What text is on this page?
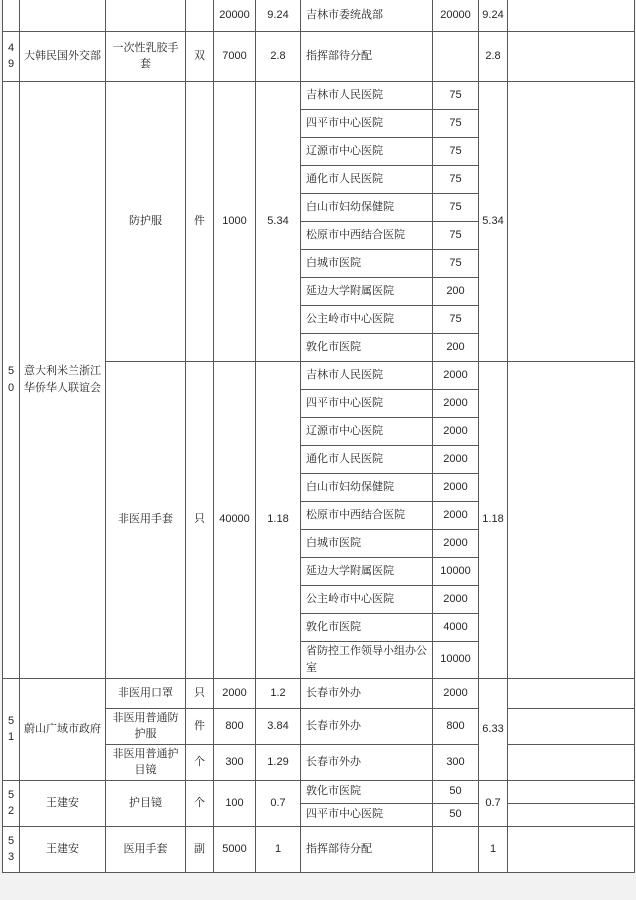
				20000	9.24	吉林市委统战部	20000	9.24	
49	大韩民国外交部	一次性乳胶手套	双	7000	2.8	指挥部待分配		2.8	
50	意大利米兰浙江华侨华人联谊会	防护服	件	1000	5.34	吉林市人民医院	75	5.34	
						四平市中心医院	75		
						辽源市中心医院	75		
						通化市人民医院	75		
						白山市妇幼保健院	75		
						松原市中西结合医院	75		
						白城市医院	75		
						延边大学附属医院	200		
						公主岭市中心医院	75		
						敦化市医院	200		
		非医用手套	只	40000	1.18	吉林市人民医院	2000	1.18	
						四平市中心医院	2000		
						辽源市中心医院	2000		
						通化市人民医院	2000		
						白山市妇幼保健院	2000		
						松原市中西结合医院	2000		
						白城市医院	2000		
						延边大学附属医院	10000		
						公主岭市中心医院	2000		
						敦化市医院	4000		
						省防控工作领导小组办公室	10000		
51	蔚山广域市政府	非医用口罩	只	2000	1.2	长春市外办	2000	6.33	
		非医用普通防护服	件	800	3.84	长春市外办	800		
		非医用普通护目镜	个	300	1.29	长春市外办	300		
52	王建安	护目镜	个	100	0.7	敦化市医院	50	0.7	
						四平市中心医院	50		
53	王建安	医用手套	副	5000	1	指挥部待分配		1	
